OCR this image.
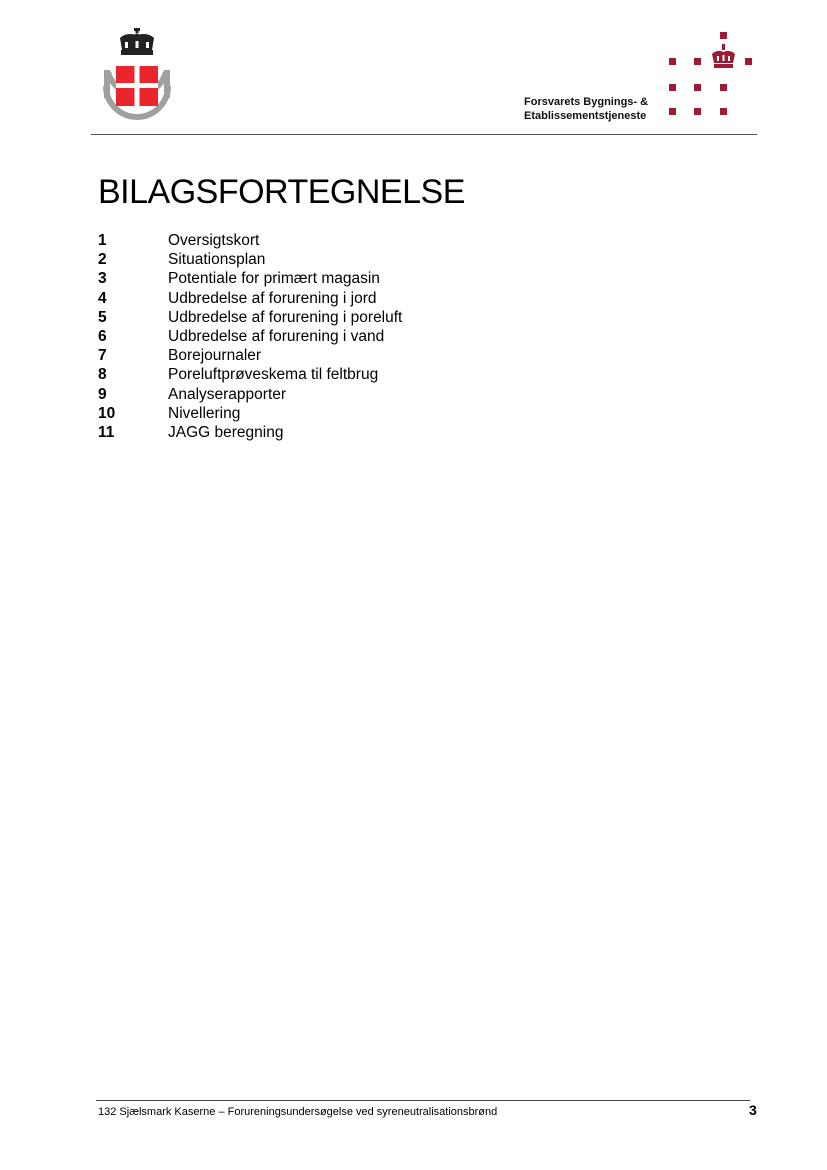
Forsvarets Bygnings- &
Etablissementstjeneste
BILAGSFORTEGNELSE
1	Oversigtskort
2	Situationsplan
3	Potentiale for primært magasin
4	Udbredelse af forurening i jord
5	Udbredelse af forurening i poreluft
6	Udbredelse af forurening i vand
7	Borejournaler
8	Poreluftprøveskema til feltbrug
9	Analyserapporter
10	Nivellering
11	JAGG beregning
132 Sjælsmark Kaserne – Forureningsundersøgelse ved syreneutralisationsbrønd	3
